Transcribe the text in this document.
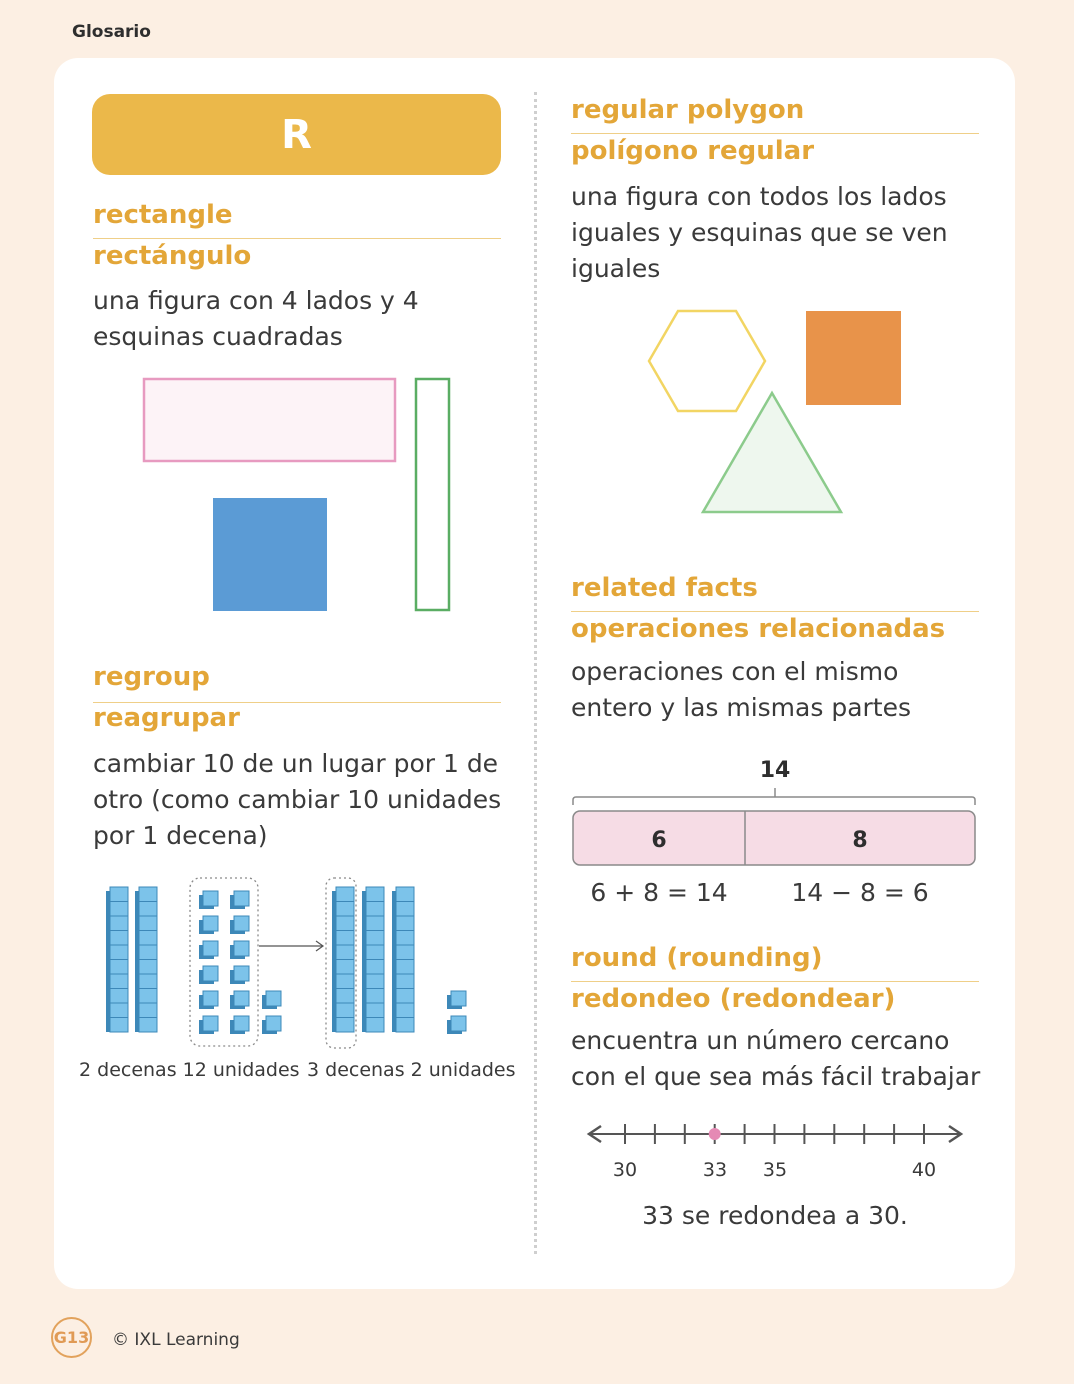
Glosario
R
rectangle
rectángulo
una figura con 4 lados y 4
esquinas cuadradas
regroup
reagrupar
cambiar 10 de un lugar por 1 de
otro (como cambiar 10 unidades
por 1 decena)
2 decenas 12 unidades 3 decenas 2 unidades
regular polygon
polígono regular
una figura con todos los lados
iguales y esquinas que se ven
iguales
related facts
operaciones relacionadas
operaciones con el mismo
entero y las mismas partes
14
6	8
6 + 8 = 14	14 − 8 = 6
round (rounding)
redondeo (redondear)
encuentra un número cercano
con el que sea más fácil trabajar
30	33 35	40
33 se redondea a 30.
G13 © IXL Learning
